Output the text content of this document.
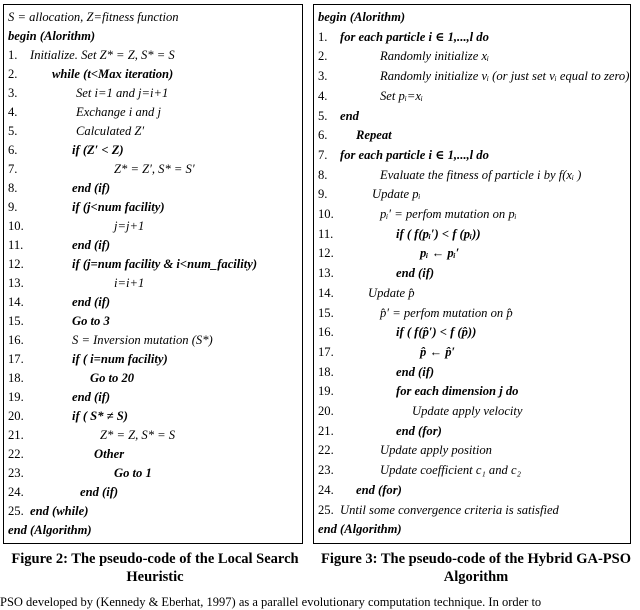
S = allocation, Z=fitness function
begin (Alorithm)
1. Initialize. Set Z* = Z, S* = S
2.	while (t<Max iteration)
3.	Set i=1 and j=i+1
4.	Exchange i and j
5.	Calculated Z′
6.	if (Z′ < Z)
7.	Z* = Z′, S* = S′
8.	end (if)
9.	if (j<num facility)
10.	j=j+1
11.	end (if)
12.	if (j=num facility & i<num_facility)
13.	i=i+1
14.	end (if)
15.	Go to 3
16.	S = Inversion mutation (S*)
17.	if ( i=num facility)
18.	Go to 20
19.	end (if)
20.	if ( S* ≠ S)
21.	Z* = Z, S* = S
22.	Other
23.	Go to 1
24.	end (if)
25. end (while)
end (Algorithm)
begin (Alorithm)
1. for each particle i ∈ 1,...,l do
2.	Randomly initialize xᵢ
3.	Randomly initialize vᵢ (or just set vᵢ equal to zero)
4.	Set pᵢ=xᵢ
5. end
6. Repeat
7. for each particle i ∈ 1,...,l do
8.	Evaluate the fitness of particle i by f(xᵢ )
9.	Update pᵢ
10.	pᵢ′ = perfom mutation on pᵢ
11.	if ( f(pᵢ′) < f (pᵢ))
12.	pᵢ ← pᵢ′
13.	end (if)
14.	Update p̂
15.	p̂′ = perfom mutation on p̂
16.	if ( f(p̂′) < f (p̂))
17.	p̂ ← p̂′
18.	end (if)
19.	for each dimension j do
20.	Update apply velocity
21.	end (for)
22.	Update apply position
23.	Update coefficient c₁ and c₂
24. end (for)
25. Until some convergence criteria is satisfied
end (Algorithm)
Figure 2: The pseudo-code of the Local Search Heuristic
Figure 3: The pseudo-code of the Hybrid GA-PSO Algorithm
PSO developed by (Kennedy & Eberhat, 1997) as a parallel evolutionary computation technique. In order to
